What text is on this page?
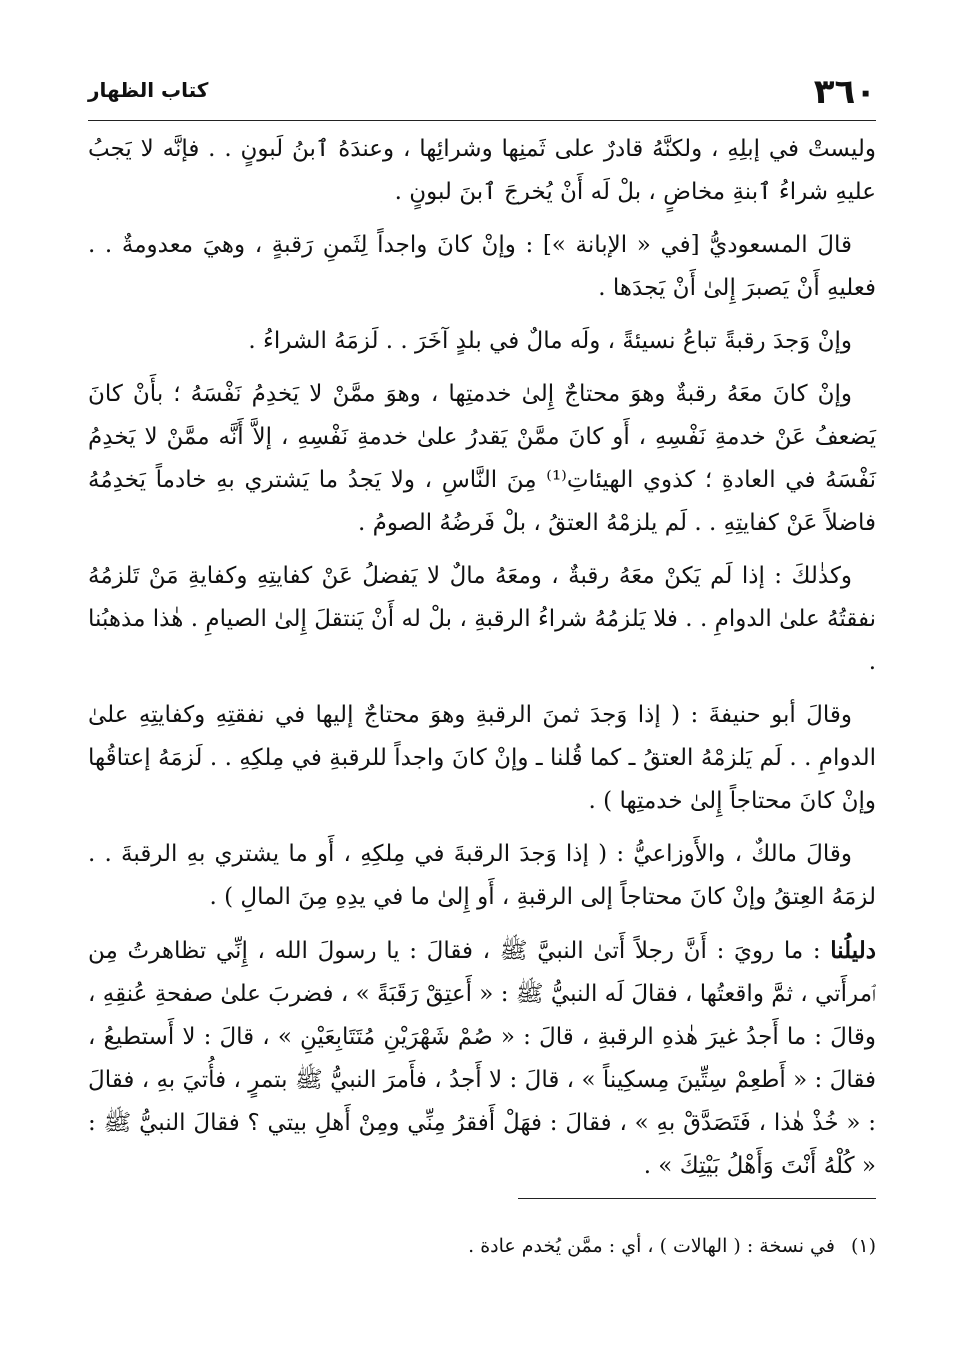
٣٦٠
كتاب الظهار

وليستْ في إبلِهِ ، ولكنَّهُ قادرٌ على ثَمنِها وشرائِها ، وعندَهُ ٱبنُ لَبونٍ . . فإنَّه لا يَجبُ عليهِ شراءُ ٱبنةِ مخاضٍ ، بلْ لَه أَنْ يُخرجَ ٱبنَ لبونٍ .

قالَ المسعوديُّ [في « الإبانة »] : وإنْ كانَ واجداً لِثَمنِ رَقبةٍ ، وهيَ معدومةٌ . . فعليهِ أَنْ يَصبرَ إِلىٰ أَنْ يَجدَها .

وإنْ وَجدَ رقبةً تباعُ نسيئةً ، ولَه مالٌ في بلدٍ آخَرَ . . لَزمَهُ الشراءُ .

وإنْ كانَ معَهُ رقبةٌ وهوَ محتاجٌ إِلىٰ خدمتِها ، وهوَ ممَّنْ لا يَخدِمُ نَفْسَهُ ؛ بأَنْ كانَ يَضعفُ عَنْ خدمةِ نَفْسِهِ ، أَو كانَ ممَّنْ يَقدرُ علىٰ خدمةِ نَفْسِهِ ، إلاَّ أَنَّه ممَّنْ لا يَخدِمُ نَفْسَهُ في العادةِ ؛ كذوي الهيئاتِ⁽¹⁾ مِنَ النَّاسِ ، ولا يَجدُ ما يَشتري بهِ خادماً يَخدِمُهُ فاضلاً عَنْ كفايتِهِ . . لَم يلزمْهُ العتقُ ، بلْ فَرضُهُ الصومُ .

وكذٰلكَ : إذا لَم يَكنْ معَهُ رقبةٌ ، ومعَهُ مالٌ لا يَفضلُ عَنْ كفايتِهِ وكفايةِ مَنْ تَلزمُهُ نفقتُهُ علىٰ الدوامِ . . فلا يَلزمُهُ شراءُ الرقبةِ ، بلْ له أَنْ يَنتقلَ إِلىٰ الصيامِ . هٰذا مذهبُنا .

وقالَ أبو حنيفةَ : ( إذا وَجدَ ثمنَ الرقبةِ وهوَ محتاجٌ إليها في نفقتِهِ وكفايتِهِ علىٰ الدوامِ . . لَم يَلزمْهُ العتقُ ـ كما قُلنا ـ وإنْ كانَ واجداً للرقبةِ في مِلكِهِ . . لَزمَهُ إعتاقُها وإنْ كانَ محتاجاً إِلىٰ خدمتِها ) .

وقالَ مالكٌ ، والأَوزاعيُّ : ( إذا وَجدَ الرقبةَ في مِلكِهِ ، أَو ما يشتري بهِ الرقبةَ . . لزمَهُ العِتقُ وإنْ كانَ محتاجاً إلى الرقبةِ ، أَو إِلىٰ ما في يدِهِ مِنَ المالِ ) .

دليلُنا : ما رويَ : أَنَّ رجلاً أَتىٰ النبيَّ ﷺ ، فقالَ : يا رسولَ الله ، إِنِّي تظاهرتُ مِن ٱمرأَتي ، ثمَّ واقعتُها ، فقالَ لَه النبيُّ ﷺ : « أَعتِقْ رَقَبَةً » ، فضربَ علىٰ صفحةِ عُنقِهِ ، وقالَ : ما أَجدُ غيرَ هٰذهِ الرقبةِ ، قالَ : « صُمْ شَهْرَيْنِ مُتَتَابِعَيْنِ » ، قالَ : لا أَستطيعُ ، فقالَ : « أَطعِمْ سِتِّينَ مِسكِيناً » ، قالَ : لا أَجدُ ، فأَمرَ النبيُّ ﷺ بتمرٍ ، فأُتيَ بهِ ، فقالَ : « خُذْ هٰذا ، فَتَصَدَّقْ بهِ » ، فقالَ : فهَلْ أَفقرُ مِنِّي ومِنْ أَهلِ بيتي ؟ فقالَ النبيُّ ﷺ : « كُلْهُ أَنْتَ وَأَهْلُ بَيْتِكَ » .

(١)في نسخة : ( الهالات ) ، أي : ممَّن يُخدم عادة .
